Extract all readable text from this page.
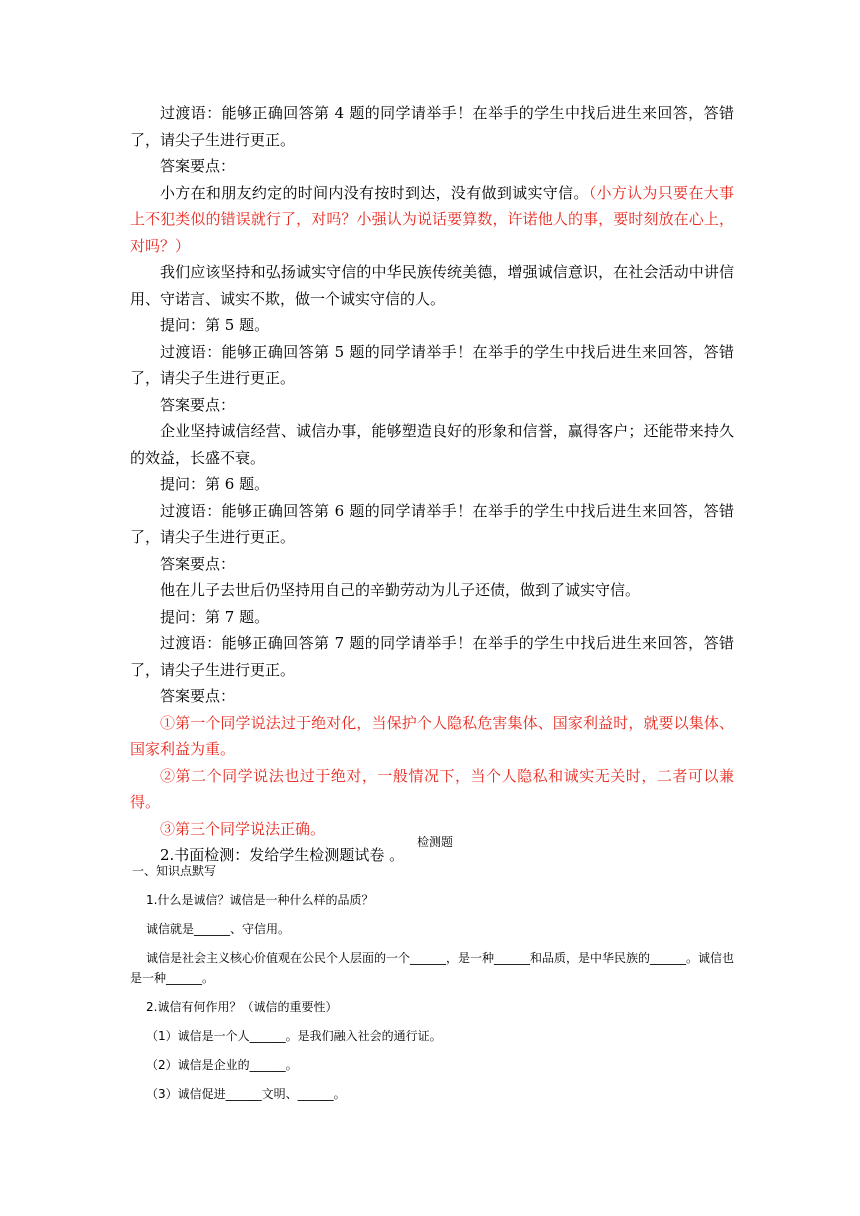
过渡语：能够正确回答第 4 题的同学请举手！在举手的学生中找后进生来回答，答错了，请尖子生进行更正。

答案要点：

小方在和朋友约定的时间内没有按时到达，没有做到诚实守信。（小方认为只要在大事上不犯类似的错误就行了，对吗？小强认为说话要算数，许诺他人的事，要时刻放在心上，对吗？）

我们应该坚持和弘扬诚实守信的中华民族传统美德，增强诚信意识，在社会活动中讲信用、守诺言、诚实不欺，做一个诚实守信的人。

提问：第 5 题。

过渡语：能够正确回答第 5 题的同学请举手！在举手的学生中找后进生来回答，答错了，请尖子生进行更正。

答案要点：

企业坚持诚信经营、诚信办事，能够塑造良好的形象和信誉，赢得客户；还能带来持久的效益，长盛不衰。

提问：第 6 题。

过渡语：能够正确回答第 6 题的同学请举手！在举手的学生中找后进生来回答，答错了，请尖子生进行更正。

答案要点：

他在儿子去世后仍坚持用自己的辛勤劳动为儿子还债，做到了诚实守信。

提问：第 7 题。

过渡语：能够正确回答第 7 题的同学请举手！在举手的学生中找后进生来回答，答错了，请尖子生进行更正。

答案要点：

①第一个同学说法过于绝对化，当保护个人隐私危害集体、国家利益时，就要以集体、国家利益为重。

②第二个同学说法也过于绝对，一般情况下，当个人隐私和诚实无关时，二者可以兼得。

③第三个同学说法正确。

2.书面检测：发给学生检测题试卷 。

检测题

一、知识点默写

1.什么是诚信？诚信是一种什么样的品质？

诚信就是______、守信用。

诚信是社会主义核心价值观在公民个人层面的一个______，是一种______和品质，是中华民族的______。诚信也是一种______。

2.诚信有何作用？（诚信的重要性）

（1）诚信是一个人______。是我们融入社会的通行证。

（2）诚信是企业的______。

（3）诚信促进______文明、______。
